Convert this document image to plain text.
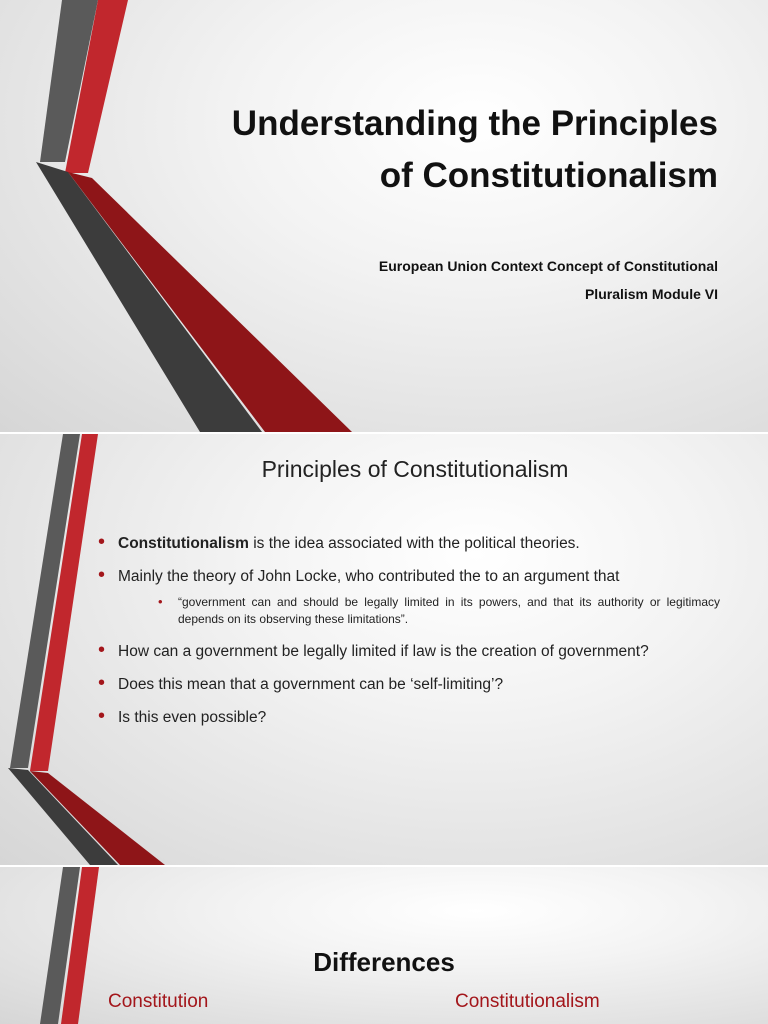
Understanding the Principles of Constitutionalism
European Union Context Concept of Constitutional
Pluralism Module VI
Principles of Constitutionalism
• Constitutionalism is the idea associated with the political theories.
• Mainly the theory of John Locke, who contributed the to an argument that
• “government can and should be legally limited in its powers, and that its authority or legitimacy depends on its observing these limitations”.
• How can a government be legally limited if law is the creation of government?
• Does this mean that a government can be ‘self-limiting’?
• Is this even possible?
Differences
Constitution	Constitutionalism
